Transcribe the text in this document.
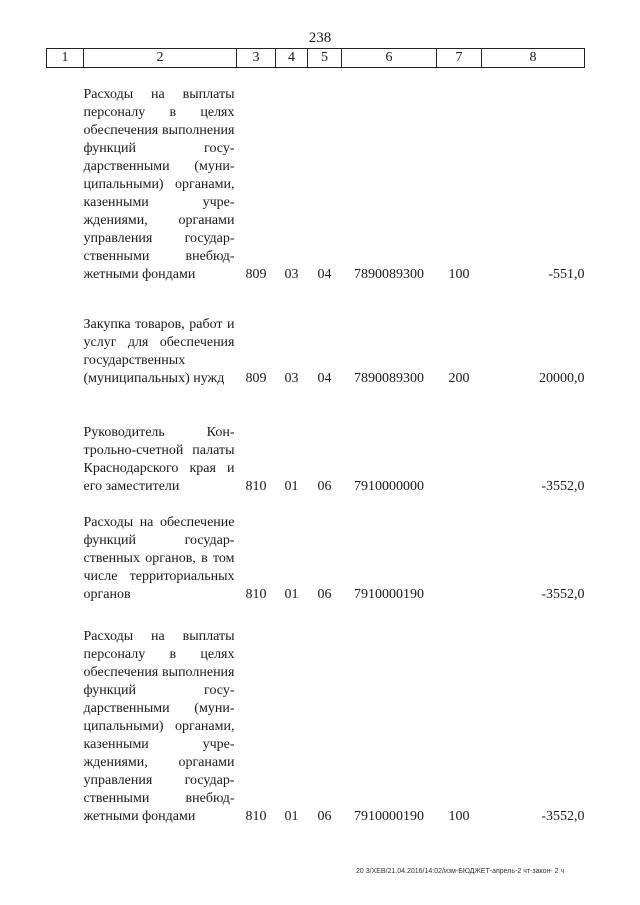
238
1	2	3	4	5	6	7	8
	Расходы на выплаты персоналу в целях обеспечения выполнения функций государственными (муниципальными) органами, казенными учреждениями, органами управления государственными внебюджетными фондами	809	03	04	7890089300	100	-551,0
	Закупка товаров, работ и услуг для обеспечения государственных (муниципальных) нужд	809	03	04	7890089300	200	20000,0
	Руководитель Контрольно-счетной палаты Краснодарского края и его заместители	810	01	06	7910000000		-3552,0
	Расходы на обеспечение функций государственных органов, в том числе территориальных органов	810	01	06	7910000190		-3552,0
	Расходы на выплаты персоналу в целях обеспечения выполнения функций государственными (муниципальными) органами, казенными учреждениями, органами управления государственными внебюджетными фондами	810	01	06	7910000190	100	-3552,0
20 3/ХЕВ/21.04.2016/14:02/изм-БЮДЖЕТ-апрель-2 чт-закон- 2 ч
